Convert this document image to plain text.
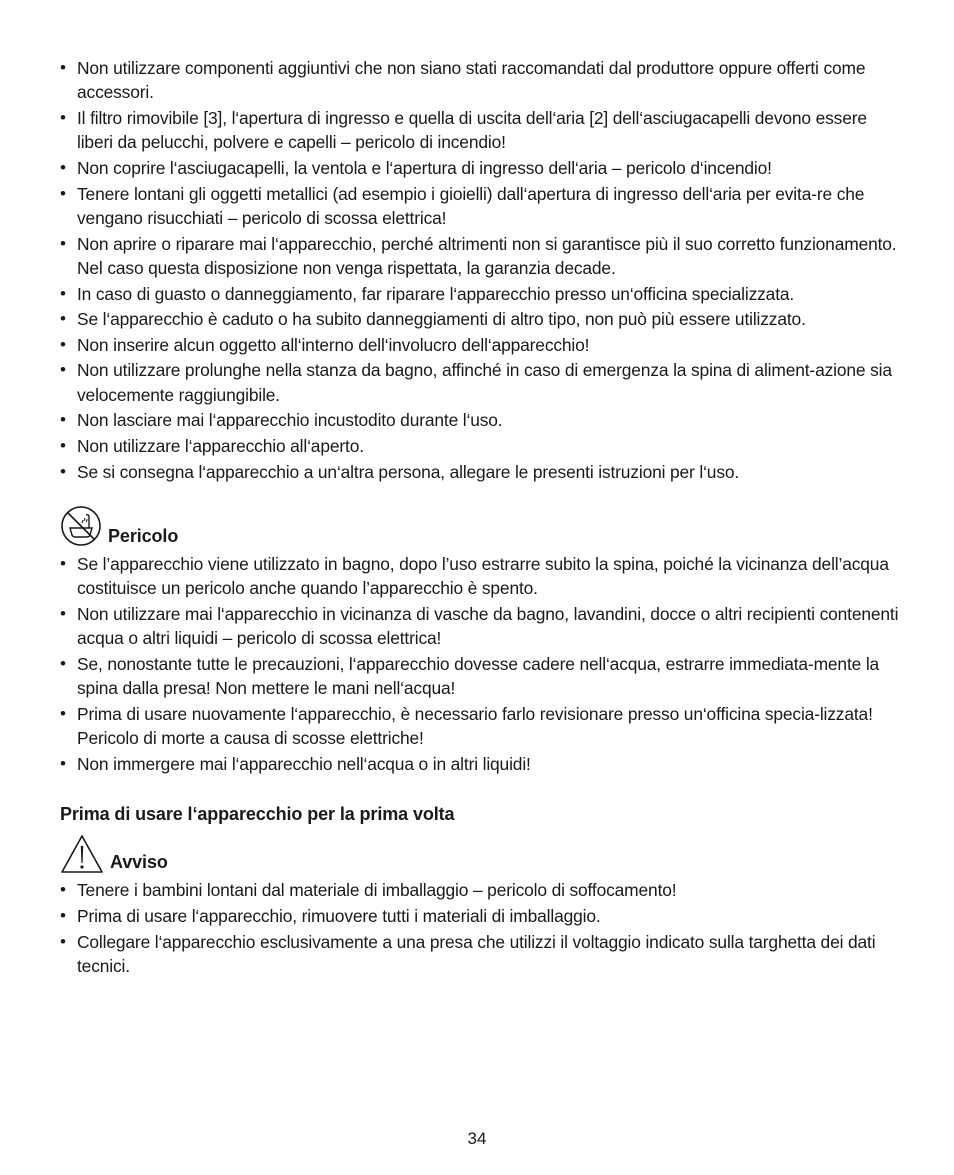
• Non utilizzare componenti aggiuntivi che non siano stati raccomandati dal produttore oppure offerti come accessori.
• Il filtro rimovibile [3], l‘apertura di ingresso e quella di uscita dell‘aria [2] dell‘asciugacapelli devono essere liberi da pelucchi, polvere e capelli – pericolo di incendio!
• Non coprire l‘asciugacapelli, la ventola e l‘apertura di ingresso dell‘aria – pericolo d‘incendio!
• Tenere lontani gli oggetti metallici (ad esempio i gioielli) dall‘apertura di ingresso dell‘aria per evita-re che vengano risucchiati – pericolo di scossa elettrica!
• Non aprire o riparare mai l‘apparecchio, perché altrimenti non si garantisce più il suo corretto funzionamento. Nel caso questa disposizione non venga rispettata, la garanzia decade.
• In caso di guasto o danneggiamento, far riparare l‘apparecchio presso un‘officina specializzata.
• Se l‘apparecchio è caduto o ha subito danneggiamenti di altro tipo, non può più essere utilizzato.
• Non inserire alcun oggetto all‘interno dell‘involucro dell‘apparecchio!
• Non utilizzare prolunghe nella stanza da bagno, affinché in caso di emergenza la spina di aliment-azione sia velocemente raggiungibile.
• Non lasciare mai l‘apparecchio incustodito durante l‘uso.
• Non utilizzare l‘apparecchio all‘aperto.
• Se si consegna l‘apparecchio a un‘altra persona, allegare le presenti istruzioni per l‘uso.
Pericolo
• Se l’apparecchio viene utilizzato in bagno, dopo l’uso estrarre subito la spina, poiché la vicinanza dell’acqua costituisce un pericolo anche quando l’apparecchio è spento.
• Non utilizzare mai l‘apparecchio in vicinanza di vasche da bagno, lavandini, docce o altri recipienti contenenti acqua o altri liquidi – pericolo di scossa elettrica!
• Se, nonostante tutte le precauzioni, l‘apparecchio dovesse cadere nell‘acqua, estrarre immediata-mente la spina dalla presa! Non mettere le mani nell‘acqua!
• Prima di usare nuovamente l‘apparecchio, è necessario farlo revisionare presso un‘officina specia-lizzata! Pericolo di morte a causa di scosse elettriche!
• Non immergere mai l‘apparecchio nell‘acqua o in altri liquidi!
Prima di usare l‘apparecchio per la prima volta
Avviso
• Tenere i bambini lontani dal materiale di imballaggio – pericolo di soffocamento!
• Prima di usare l‘apparecchio, rimuovere tutti i materiali di imballaggio.
• Collegare l‘apparecchio esclusivamente a una presa che utilizzi il voltaggio indicato sulla targhetta dei dati tecnici.
34
